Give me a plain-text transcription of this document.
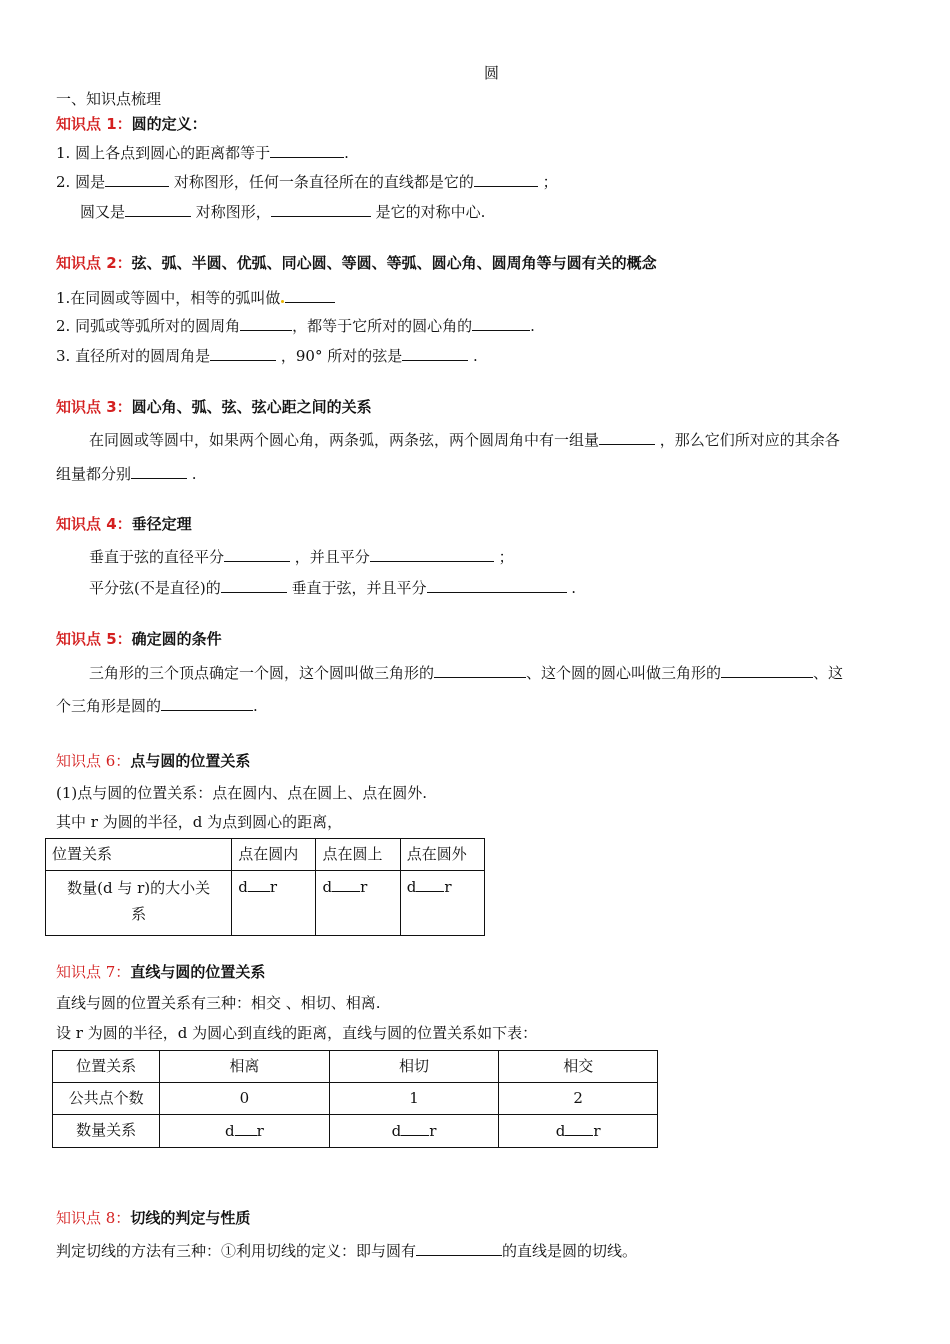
圆
一、知识点梳理
知识点 1：圆的定义：
1. 圆上各点到圆心的距离都等于	.
2. 圆是	对称图形，任何一条直径所在的直线都是它的	；
圆又是	对称图形，	是它的对称中心.
知识点 2：弦、弧、半圆、优弧、同心圆、等圆、等弧、圆心角、圆周角等与圆有关的概念
1.在同圆或等圆中，相等的弧叫做
2. 同弧或等弧所对的圆周角	，都等于它所对的圆心角的	.
3. 直径所对的圆周角是	，90° 所对的弦是	.
知识点 3：圆心角、弧、弦、弦心距之间的关系
在同圆或等圆中，如果两个圆心角，两条弧，两条弦，两个圆周角中有一组量	，那么它们所对应的其余各
组量都分别	.
知识点 4：垂径定理
垂直于弦的直径平分	，并且平分	；
平分弦(不是直径)的	垂直于弦，并且平分	.
知识点 5：确定圆的条件
三角形的三个顶点确定一个圆，这个圆叫做三角形的	、这个圆的圆心叫做三角形的	、这
个三角形是圆的	.
知识点 6：点与圆的位置关系
(1)点与圆的位置关系：点在圆内、点在圆上、点在圆外.
其中 r 为圆的半径，d 为点到圆心的距离，
位置关系	点在圆内	点在圆上	点在圆外

数量(d 与 r)的大小关
系	d r	d r	d r
知识点 7：直线与圆的位置关系
直线与圆的位置关系有三种：相交 、相切、相离.
设 r 为圆的半径，d 为圆心到直线的距离，直线与圆的位置关系如下表：
位置关系	相离	相切	相交
公共点个数	0	1	2
数量关系	d r	d r	d r
知识点 8：切线的判定与性质
判定切线的方法有三种：①利用切线的定义：即与圆有	的直线是圆的切线。
